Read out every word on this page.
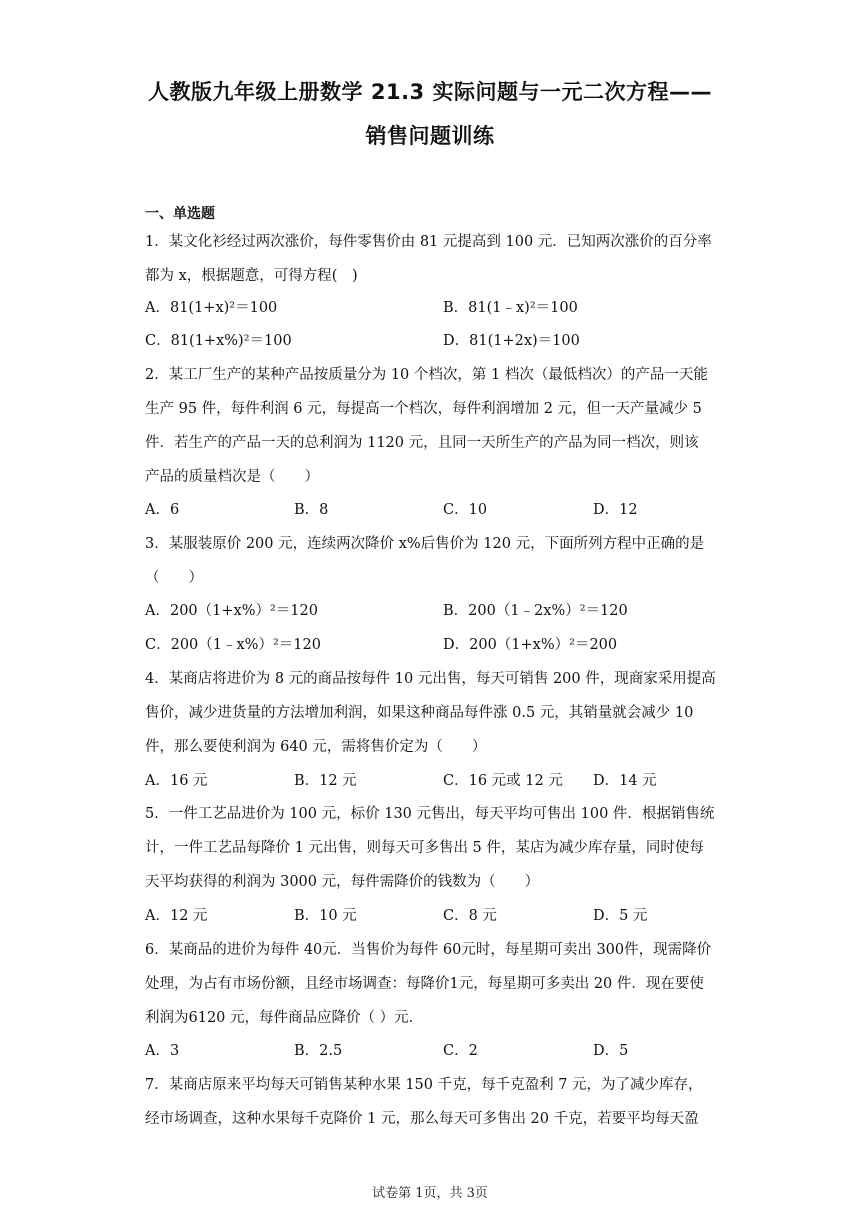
人教版九年级上册数学 21.3 实际问题与一元二次方程——
销售问题训练
一、单选题
1．某文化衫经过两次涨价，每件零售价由 81 元提高到 100 元．已知两次涨价的百分率
都为 x，根据题意，可得方程(　)
A．81(1+x)²＝100	B．81(1﹣x)²＝100
C．81(1+x%)²＝100	D．81(1+2x)＝100
2．某工厂生产的某种产品按质量分为 10 个档次，第 1 档次（最低档次）的产品一天能
生产 95 件，每件利润 6 元，每提高一个档次，每件利润增加 2 元，但一天产量减少 5
件．若生产的产品一天的总利润为 1120 元，且同一天所生产的产品为同一档次，则该
产品的质量档次是（　　）
A．6	B．8	C．10	D．12
3．某服装原价 200 元，连续两次降价 x%后售价为 120 元，下面所列方程中正确的是
（　　）
A．200（1+x%）²＝120	B．200（1﹣2x%）²＝120
C．200（1﹣x%）²＝120	D．200（1+x%）²＝200
4．某商店将进价为 8 元的商品按每件 10 元出售，每天可销售 200 件，现商家采用提高
售价，减少进货量的方法增加利润，如果这种商品每件涨 0.5 元，其销量就会减少 10
件，那么要使利润为 640 元，需将售价定为（　　）
A．16 元	B．12 元	C．16 元或 12 元 D．14 元
5．一件工艺品进价为 100 元，标价 130 元售出，每天平均可售出 100 件．根据销售统
计，一件工艺品每降价 1 元出售，则每天可多售出 5 件，某店为减少库存量，同时使每
天平均获得的利润为 3000 元，每件需降价的钱数为（　　）
A．12 元	B．10 元	C．8 元	D．5 元
6．某商品的进价为每件 40元．当售价为每件 60元时，每星期可卖出 300件，现需降价
处理，为占有市场份额，且经市场调查：每降价1元，每星期可多卖出 20 件．现在要使
利润为6120 元，每件商品应降价（ ）元．
A．3	B．2.5	C．2	D．5
7．某商店原来平均每天可销售某种水果 150 千克，每千克盈利 7 元，为了减少库存，
经市场调查，这种水果每千克降价 1 元，那么每天可多售出 20 千克，若要平均每天盈
试卷第 1页，共 3页
